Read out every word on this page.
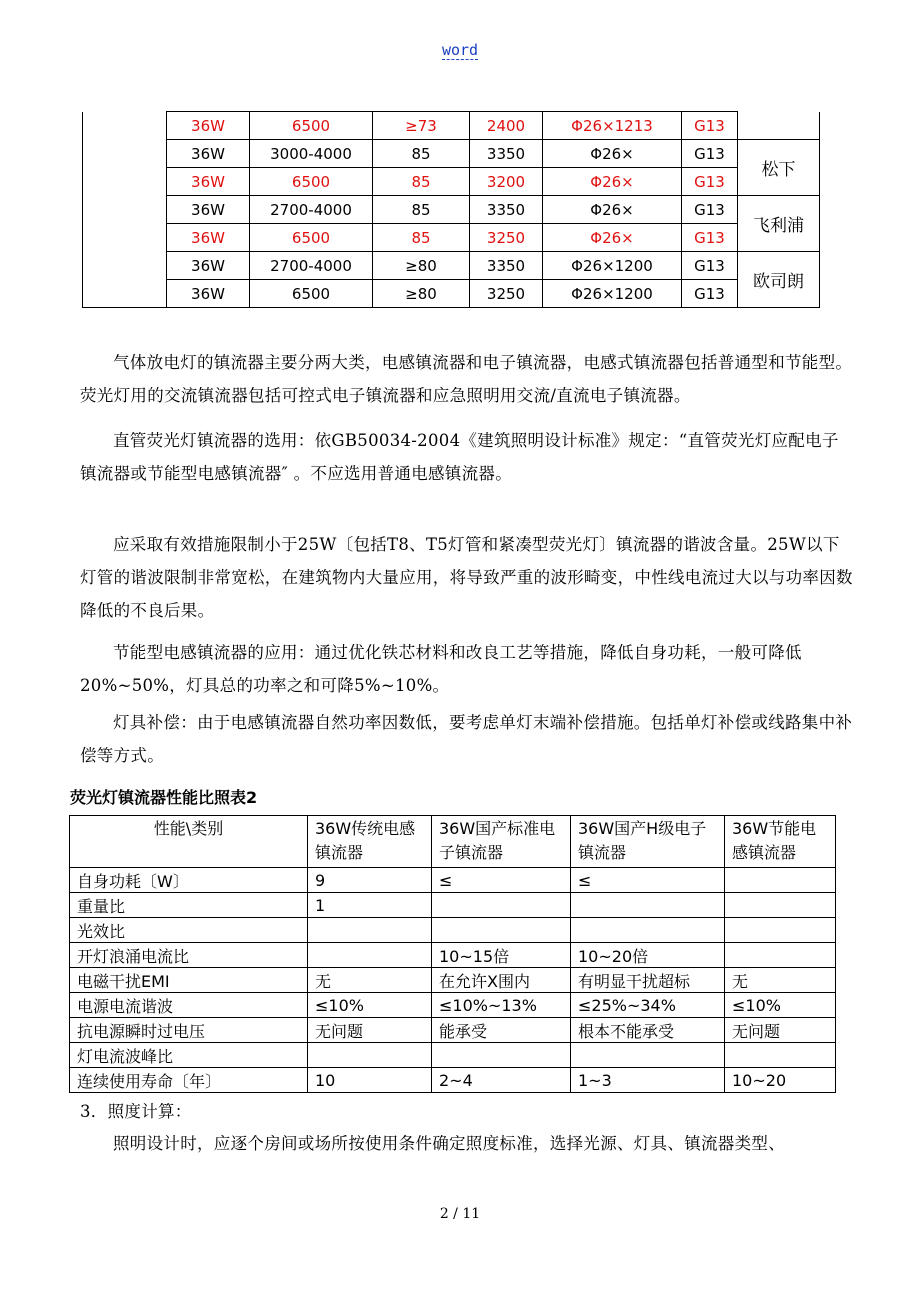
word
	36W	6500	≥73	2400	Φ26×1213	G13	
	36W	3000-4000	85	3350	Φ26×	G13	松下
	36W	6500	85	3200	Φ26×	G13	
	36W	2700-4000	85	3350	Φ26×	G13	飞利浦
	36W	6500	85	3250	Φ26×	G13	
	36W	2700-4000	≥80	3350	Φ26×1200	G13	欧司朗
	36W	6500	≥80	3250	Φ26×1200	G13	

气体放电灯的镇流器主要分两大类，电感镇流器和电子镇流器，电感式镇流器包括普通型和节能型。荧光灯用的交流镇流器包括可控式电子镇流器和应急照明用交流/直流电子镇流器。

直管荧光灯镇流器的选用：依GB50034-2004《建筑照明设计标准》规定：“直管荧光灯应配电子镇流器或节能型电感镇流器″ 。不应选用普通电感镇流器。

应采取有效措施限制小于25W〔包括T8、T5灯管和紧凑型荧光灯〕镇流器的谐波含量。25W以下灯管的谐波限制非常宽松，在建筑物内大量应用，将导致严重的波形畸变，中性线电流过大以与功率因数降低的不良后果。

节能型电感镇流器的应用：通过优化铁芯材料和改良工艺等措施，降低自身功耗，一般可降低20%~50%，灯具总的功率之和可降5%~10%。

灯具补偿：由于电感镇流器自然功率因数低，要考虑单灯末端补偿措施。包括单灯补偿或线路集中补偿等方式。

荧光灯镇流器性能比照表2

性能\类别	36W传统电感镇流器	36W国产标准电子镇流器	36W国产H级电子镇流器	36W节能电感镇流器
自身功耗〔W〕	9	≤	≤	
重量比	1			
光效比				
开灯浪涌电流比		10~15倍	10~20倍	
电磁干扰EMI	无	在允许X围内	有明显干扰超标	无
电源电流谐波	≤10%	≤10%~13%	≤25%~34%	≤10%
抗电源瞬时过电压	无问题	能承受	根本不能承受	无问题
灯电流波峰比				
连续使用寿命〔年〕	10	2~4	1~3	10~20

3．照度计算：

照明设计时，应逐个房间或场所按使用条件确定照度标准，选择光源、灯具、镇流器类型、

2 / 11
